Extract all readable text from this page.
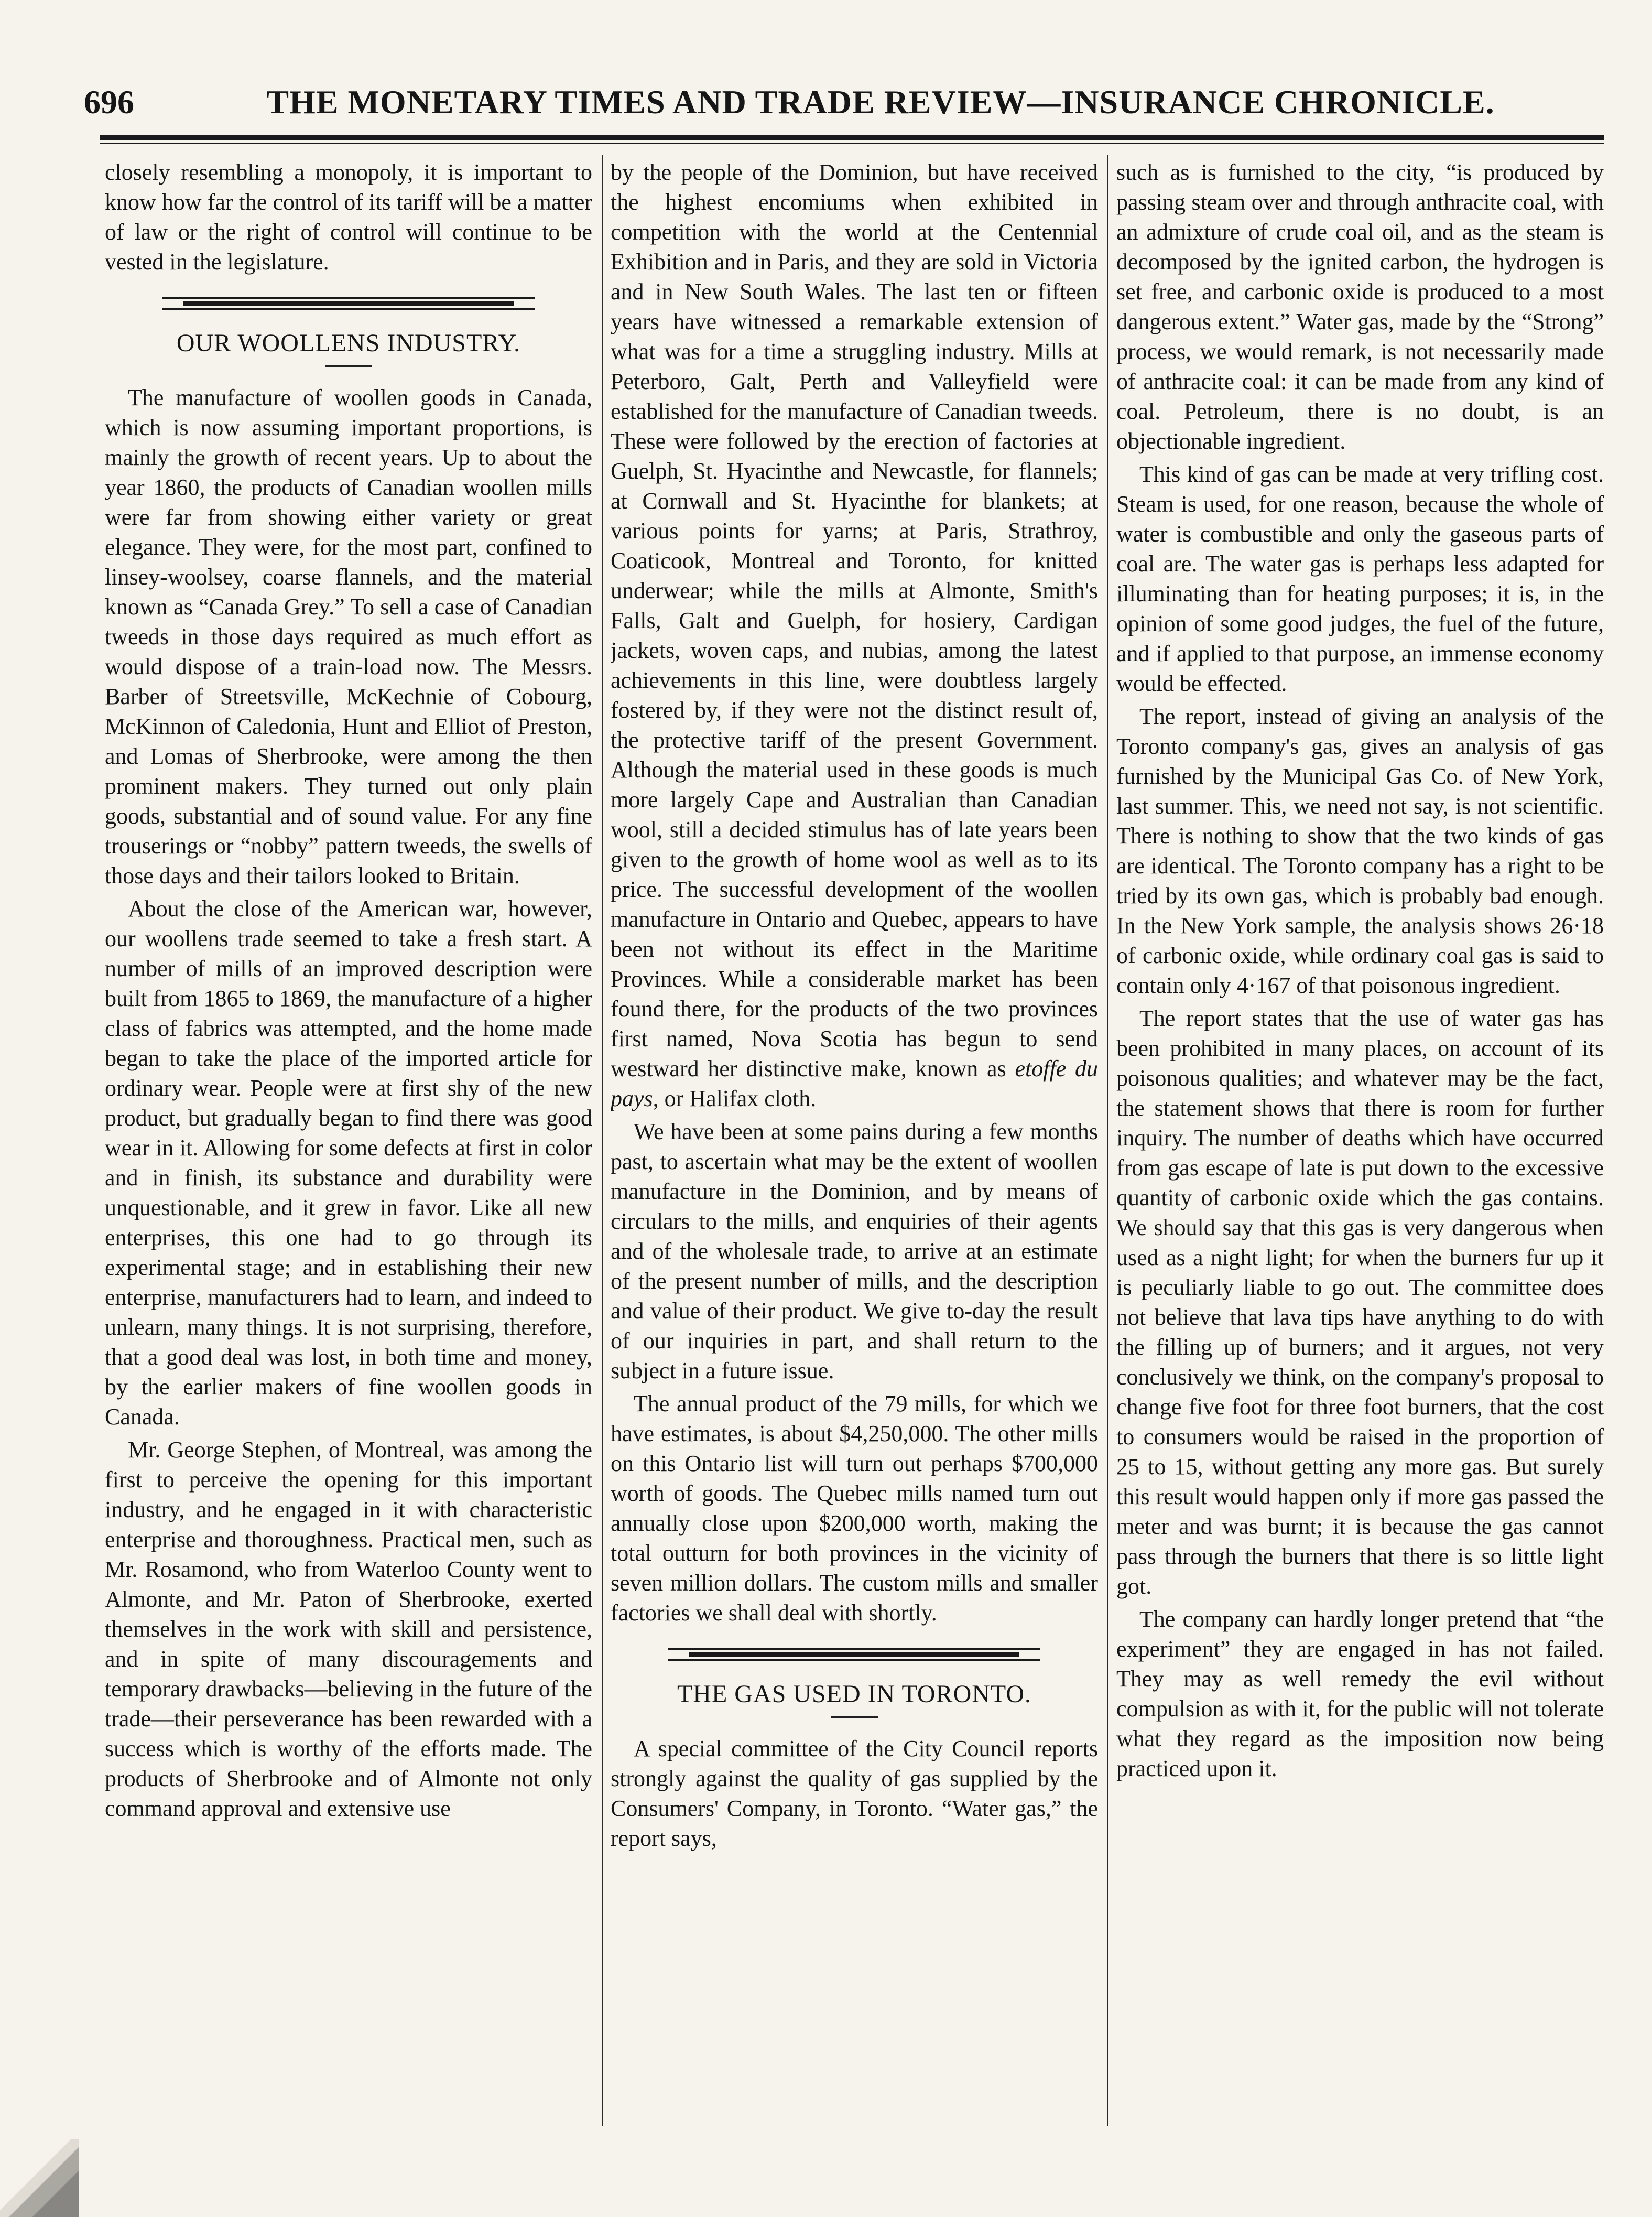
696	THE MONETARY TIMES AND TRADE REVIEW—INSURANCE CHRONICLE.

closely resembling a monopoly, it is important to know how far the control of its tariff will be a matter of law or the right of control will continue to be vested in the legislature.

OUR WOOLLENS INDUSTRY.

The manufacture of woollen goods in Canada, which is now assuming important proportions, is mainly the growth of recent years. Up to about the year 1860, the products of Canadian woollen mills were far from showing either variety or great elegance. They were, for the most part, confined to linsey-woolsey, coarse flannels, and the material known as “Canada Grey.” To sell a case of Canadian tweeds in those days required as much effort as would dispose of a train-load now. The Messrs. Barber of Streetsville, McKechnie of Cobourg, McKinnon of Caledonia, Hunt and Elliot of Preston, and Lomas of Sherbrooke, were among the then prominent makers. They turned out only plain goods, substantial and of sound value. For any fine trouserings or “nobby” pattern tweeds, the swells of those days and their tailors looked to Britain.

About the close of the American war, however, our woollens trade seemed to take a fresh start. A number of mills of an improved description were built from 1865 to 1869, the manufacture of a higher class of fabrics was attempted, and the home made began to take the place of the imported article for ordinary wear. People were at first shy of the new product, but gradually began to find there was good wear in it. Allowing for some defects at first in color and in finish, its substance and durability were unquestionable, and it grew in favor. Like all new enterprises, this one had to go through its experimental stage; and in establishing their new enterprise, manufacturers had to learn, and indeed to unlearn, many things. It is not surprising, therefore, that a good deal was lost, in both time and money, by the earlier makers of fine woollen goods in Canada.

Mr. George Stephen, of Montreal, was among the first to perceive the opening for this important industry, and he engaged in it with characteristic enterprise and thoroughness. Practical men, such as Mr. Rosamond, who from Waterloo County went to Almonte, and Mr. Paton of Sherbrooke, exerted themselves in the work with skill and persistence, and in spite of many discouragements and temporary drawbacks—believing in the future of the trade—their perseverance has been rewarded with a success which is worthy of the efforts made. The products of Sherbrooke and of Almonte not only command approval and extensive use

by the people of the Dominion, but have received the highest encomiums when exhibited in competition with the world at the Centennial Exhibition and in Paris, and they are sold in Victoria and in New South Wales. The last ten or fifteen years have witnessed a remarkable extension of what was for a time a struggling industry. Mills at Peterboro, Galt, Perth and Valleyfield were established for the manufacture of Canadian tweeds. These were followed by the erection of factories at Guelph, St. Hyacinthe and Newcastle, for flannels; at Cornwall and St. Hyacinthe for blankets; at various points for yarns; at Paris, Strathroy, Coaticook, Montreal and Toronto, for knitted underwear; while the mills at Almonte, Smith's Falls, Galt and Guelph, for hosiery, Cardigan jackets, woven caps, and nubias, among the latest achievements in this line, were doubtless largely fostered by, if they were not the distinct result of, the protective tariff of the present Government. Although the material used in these goods is much more largely Cape and Australian than Canadian wool, still a decided stimulus has of late years been given to the growth of home wool as well as to its price. The successful development of the woollen manufacture in Ontario and Quebec, appears to have been not without its effect in the Maritime Provinces. While a considerable market has been found there, for the products of the two provinces first named, Nova Scotia has begun to send westward her distinctive make, known as etoffe du pays, or Halifax cloth.

We have been at some pains during a few months past, to ascertain what may be the extent of woollen manufacture in the Dominion, and by means of circulars to the mills, and enquiries of their agents and of the wholesale trade, to arrive at an estimate of the present number of mills, and the description and value of their product. We give to-day the result of our inquiries in part, and shall return to the subject in a future issue.

The annual product of the 79 mills, for which we have estimates, is about $4,250,000. The other mills on this Ontario list will turn out perhaps $700,000 worth of goods. The Quebec mills named turn out annually close upon $200,000 worth, making the total outturn for both provinces in the vicinity of seven million dollars. The custom mills and smaller factories we shall deal with shortly.

THE GAS USED IN TORONTO.

A special committee of the City Council reports strongly against the quality of gas supplied by the Consumers' Company, in Toronto. “Water gas,” the report says,

such as is furnished to the city, “is produced by passing steam over and through anthracite coal, with an admixture of crude coal oil, and as the steam is decomposed by the ignited carbon, the hydrogen is set free, and carbonic oxide is produced to a most dangerous extent.” Water gas, made by the “Strong” process, we would remark, is not necessarily made of anthracite coal: it can be made from any kind of coal. Petroleum, there is no doubt, is an objectionable ingredient.

This kind of gas can be made at very trifling cost. Steam is used, for one reason, because the whole of water is combustible and only the gaseous parts of coal are. The water gas is perhaps less adapted for illuminating than for heating purposes; it is, in the opinion of some good judges, the fuel of the future, and if applied to that purpose, an immense economy would be effected.

The report, instead of giving an analysis of the Toronto company's gas, gives an analysis of gas furnished by the Municipal Gas Co. of New York, last summer. This, we need not say, is not scientific. There is nothing to show that the two kinds of gas are identical. The Toronto company has a right to be tried by its own gas, which is probably bad enough. In the New York sample, the analysis shows 26·18 of carbonic oxide, while ordinary coal gas is said to contain only 4·167 of that poisonous ingredient.

The report states that the use of water gas has been prohibited in many places, on account of its poisonous qualities; and whatever may be the fact, the statement shows that there is room for further inquiry. The number of deaths which have occurred from gas escape of late is put down to the excessive quantity of carbonic oxide which the gas contains. We should say that this gas is very dangerous when used as a night light; for when the burners fur up it is peculiarly liable to go out. The committee does not believe that lava tips have anything to do with the filling up of burners; and it argues, not very conclusively we think, on the company's proposal to change five foot for three foot burners, that the cost to consumers would be raised in the proportion of 25 to 15, without getting any more gas. But surely this result would happen only if more gas passed the meter and was burnt; it is because the gas cannot pass through the burners that there is so little light got.

The company can hardly longer pretend that “the experiment” they are engaged in has not failed. They may as well remedy the evil without compulsion as with it, for the public will not tolerate what they regard as the imposition now being practiced upon it.
